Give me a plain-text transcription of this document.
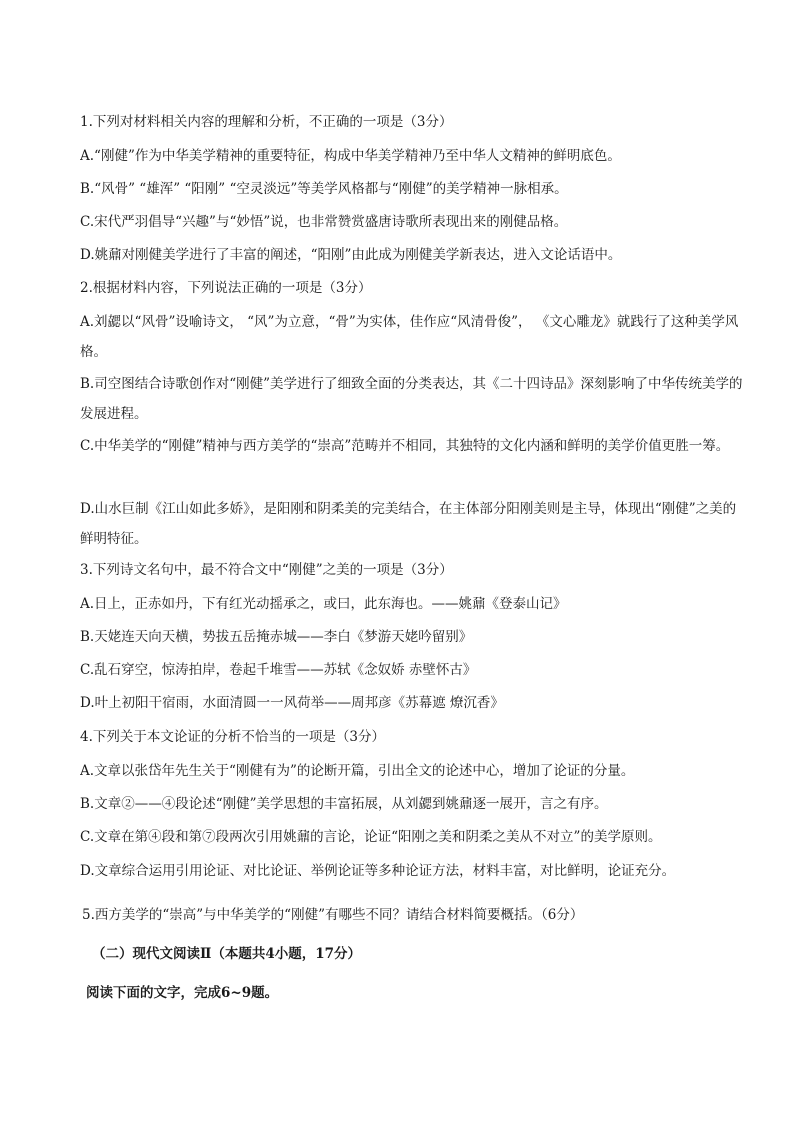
1.下列对材料相关内容的理解和分析，不正确的一项是（3分）
A.“刚健”作为中华美学精神的重要特征，构成中华美学精神乃至中华人文精神的鲜明底色。
B.“风骨” “雄浑” “阳刚” “空灵淡远”等美学风格都与“刚健”的美学精神一脉相承。
C.宋代严羽倡导“兴趣”与“妙悟”说，也非常赞赏盛唐诗歌所表现出来的刚健品格。
D.姚鼐对刚健美学进行了丰富的阐述，“阳刚”由此成为刚健美学新表达，进入文论话语中。
2.根据材料内容，下列说法正确的一项是（3分）
A.刘勰以“风骨”设喻诗文， “风”为立意，“骨”为实体，佳作应“风清骨俊”， 《文心雕龙》就践行了这种美学风格。
B.司空图结合诗歌创作对“刚健”美学进行了细致全面的分类表达，其《二十四诗品》深刻影响了中华传统美学的发展进程。
C.中华美学的“刚健”精神与西方美学的“崇高”范畴并不相同，其独特的文化内涵和鲜明的美学价值更胜一筹。
D.山水巨制《江山如此多娇》，是阳刚和阴柔美的完美结合，在主体部分阳刚美则是主导，体现出“刚健”之美的鲜明特征。
3.下列诗文名句中，最不符合文中“刚健”之美的一项是（3分）
A.日上，正赤如丹，下有红光动摇承之，或曰，此东海也。——姚鼐《登泰山记》
B.天姥连天向天横，势拔五岳掩赤城——李白《梦游天姥吟留别》
C.乱石穿空，惊涛拍岸，卷起千堆雪——苏轼《念奴娇 赤壁怀古》
D.叶上初阳干宿雨，水面清圆一一风荷举——周邦彦《苏幕遮 燎沉香》
4.下列关于本文论证的分析不恰当的一项是（3分）
A.文章以张岱年先生关于“刚健有为”的论断开篇，引出全文的论述中心，增加了论证的分量。
B.文章②——④段论述“刚健”美学思想的丰富拓展，从刘勰到姚鼐逐一展开，言之有序。
C.文章在第④段和第⑦段两次引用姚鼐的言论，论证“阳刚之美和阴柔之美从不对立”的美学原则。
D.文章综合运用引用论证、对比论证、举例论证等多种论证方法，材料丰富，对比鲜明，论证充分。
5.西方美学的“崇高”与中华美学的“刚健”有哪些不同？请结合材料简要概括。（6分）
（二）现代文阅读Ⅱ（本题共4小题，17分）
阅读下面的文字，完成6~9题。
